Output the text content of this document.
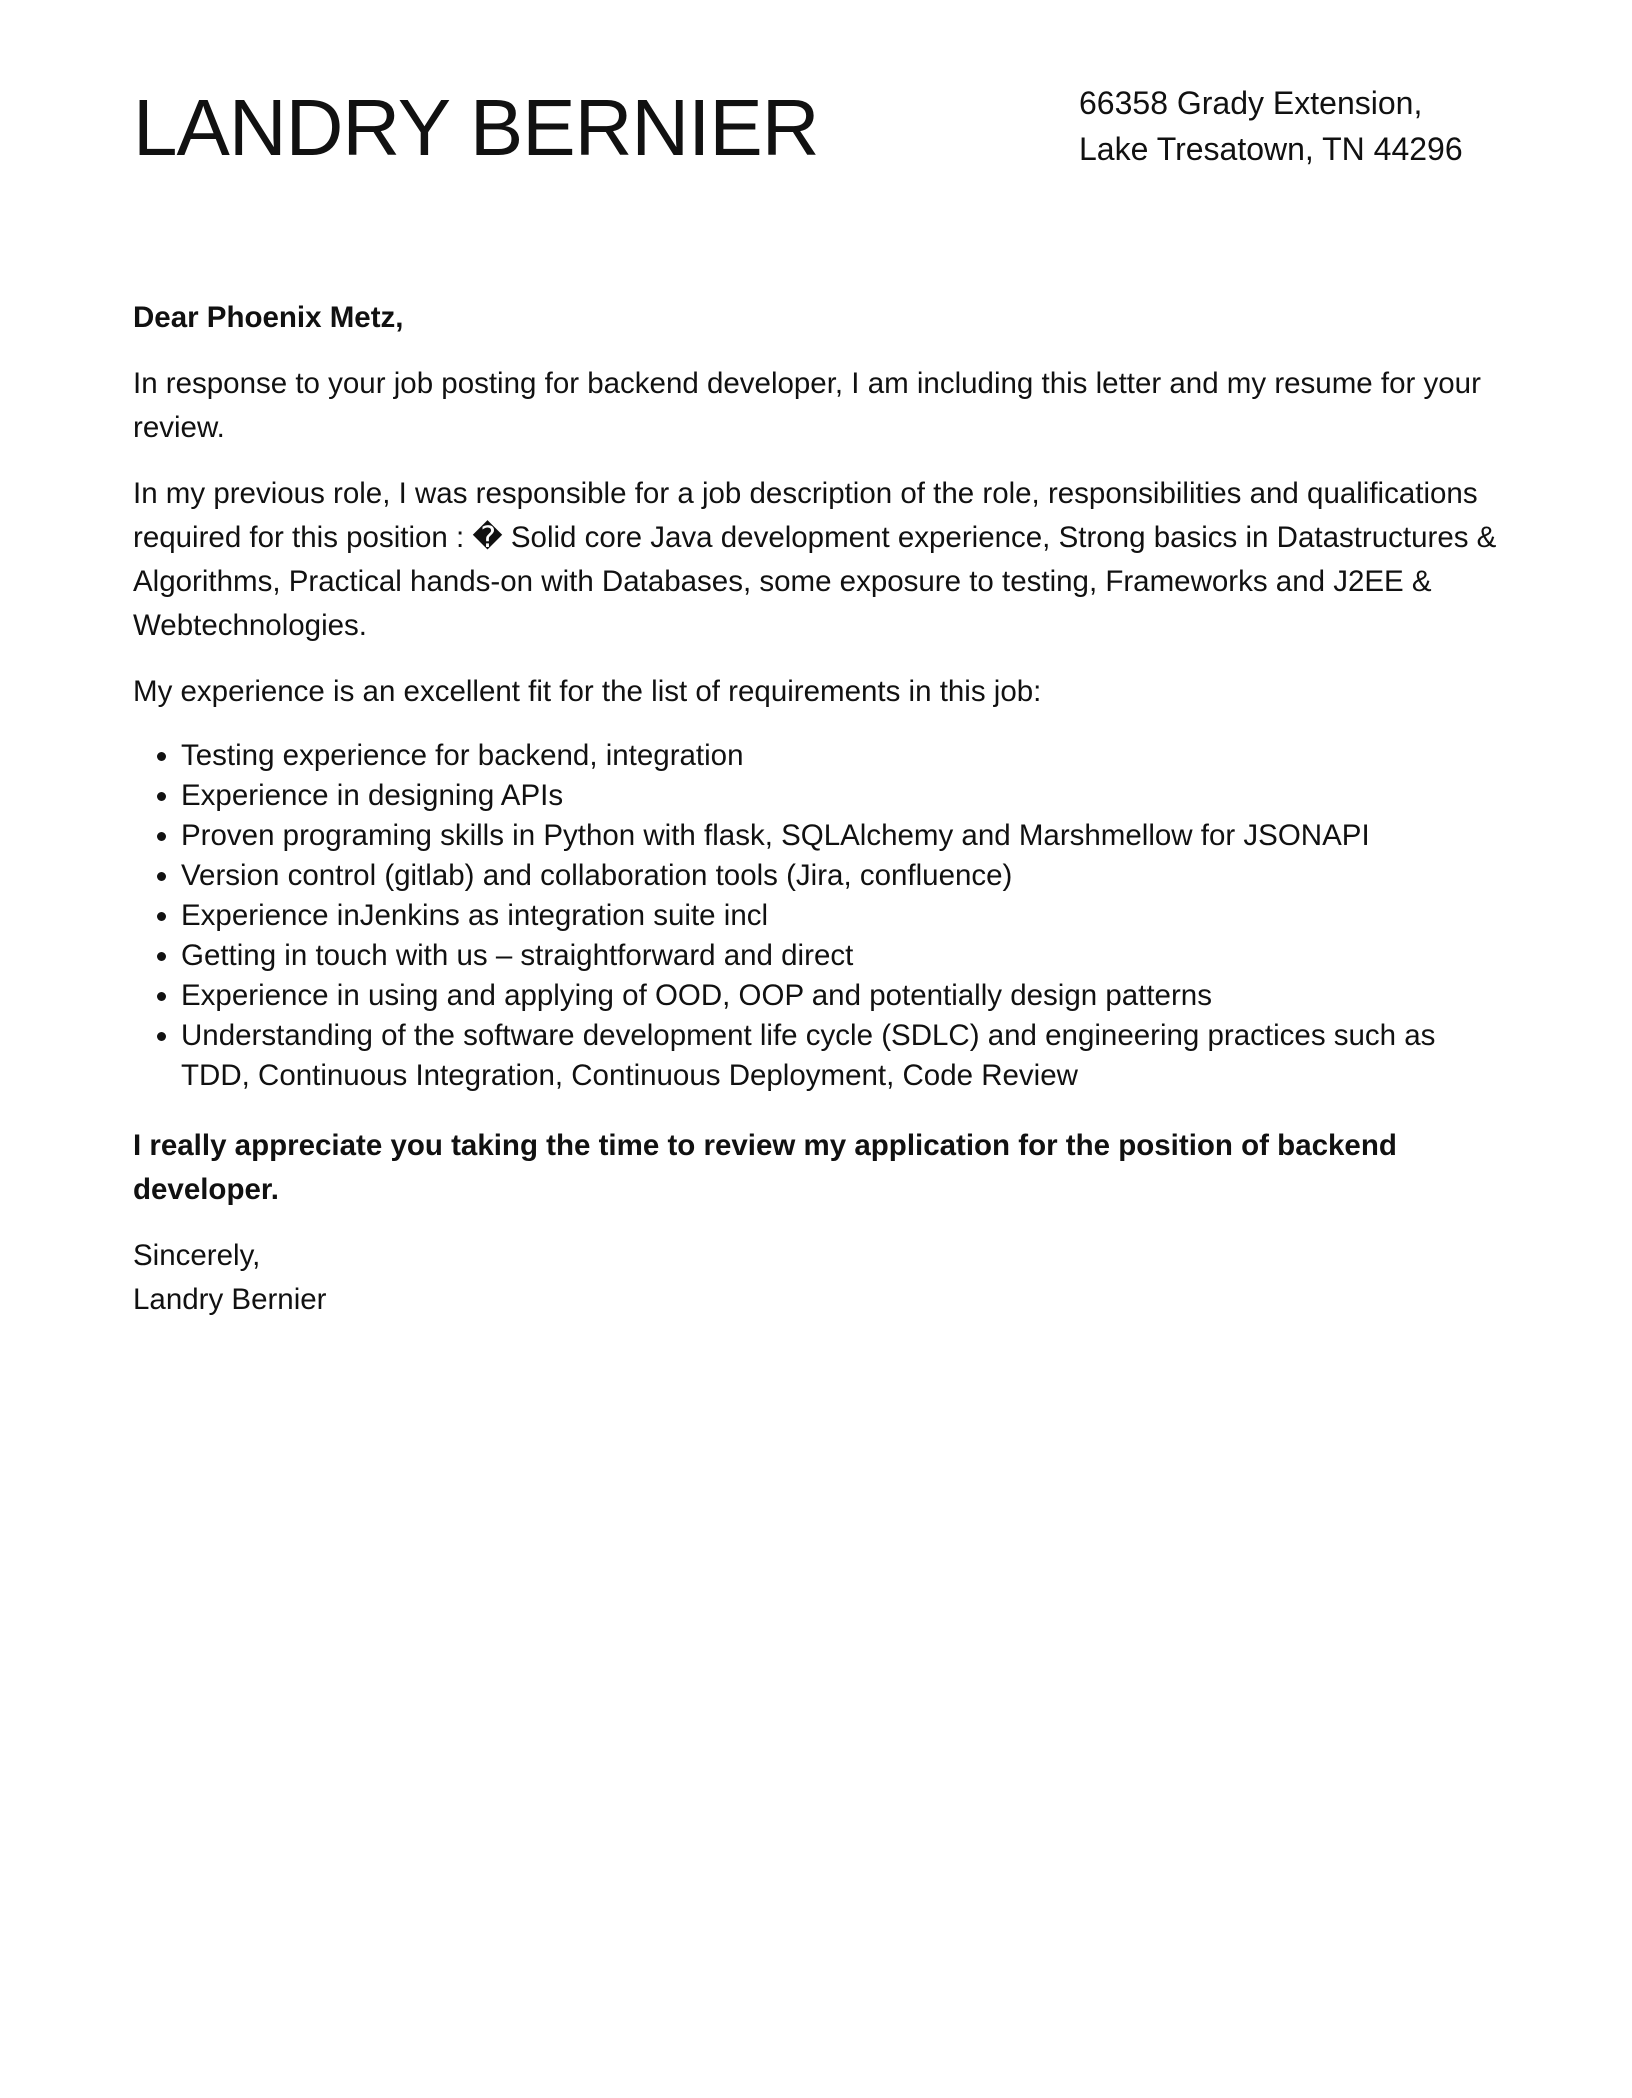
LANDRY BERNIER	66358 Grady Extension,
Lake Tresatown, TN 44296

Dear Phoenix Metz,

In response to your job posting for backend developer, I am including this letter and my resume for your review.

In my previous role, I was responsible for a job description of the role, responsibilities and qualifications required for this position : � Solid core Java development experience, Strong basics in Datastructures & Algorithms, Practical hands-on with Databases, some exposure to testing, Frameworks and J2EE & Webtechnologies.

My experience is an excellent fit for the list of requirements in this job:

• Testing experience for backend, integration
• Experience in designing APIs
• Proven programing skills in Python with flask, SQLAlchemy and Marshmellow for JSONAPI
• Version control (gitlab) and collaboration tools (Jira, confluence)
• Experience inJenkins as integration suite incl
• Getting in touch with us – straightforward and direct
• Experience in using and applying of OOD, OOP and potentially design patterns
• Understanding of the software development life cycle (SDLC) and engineering practices such as TDD, Continuous Integration, Continuous Deployment, Code Review

I really appreciate you taking the time to review my application for the position of backend developer.

Sincerely,
Landry Bernier
